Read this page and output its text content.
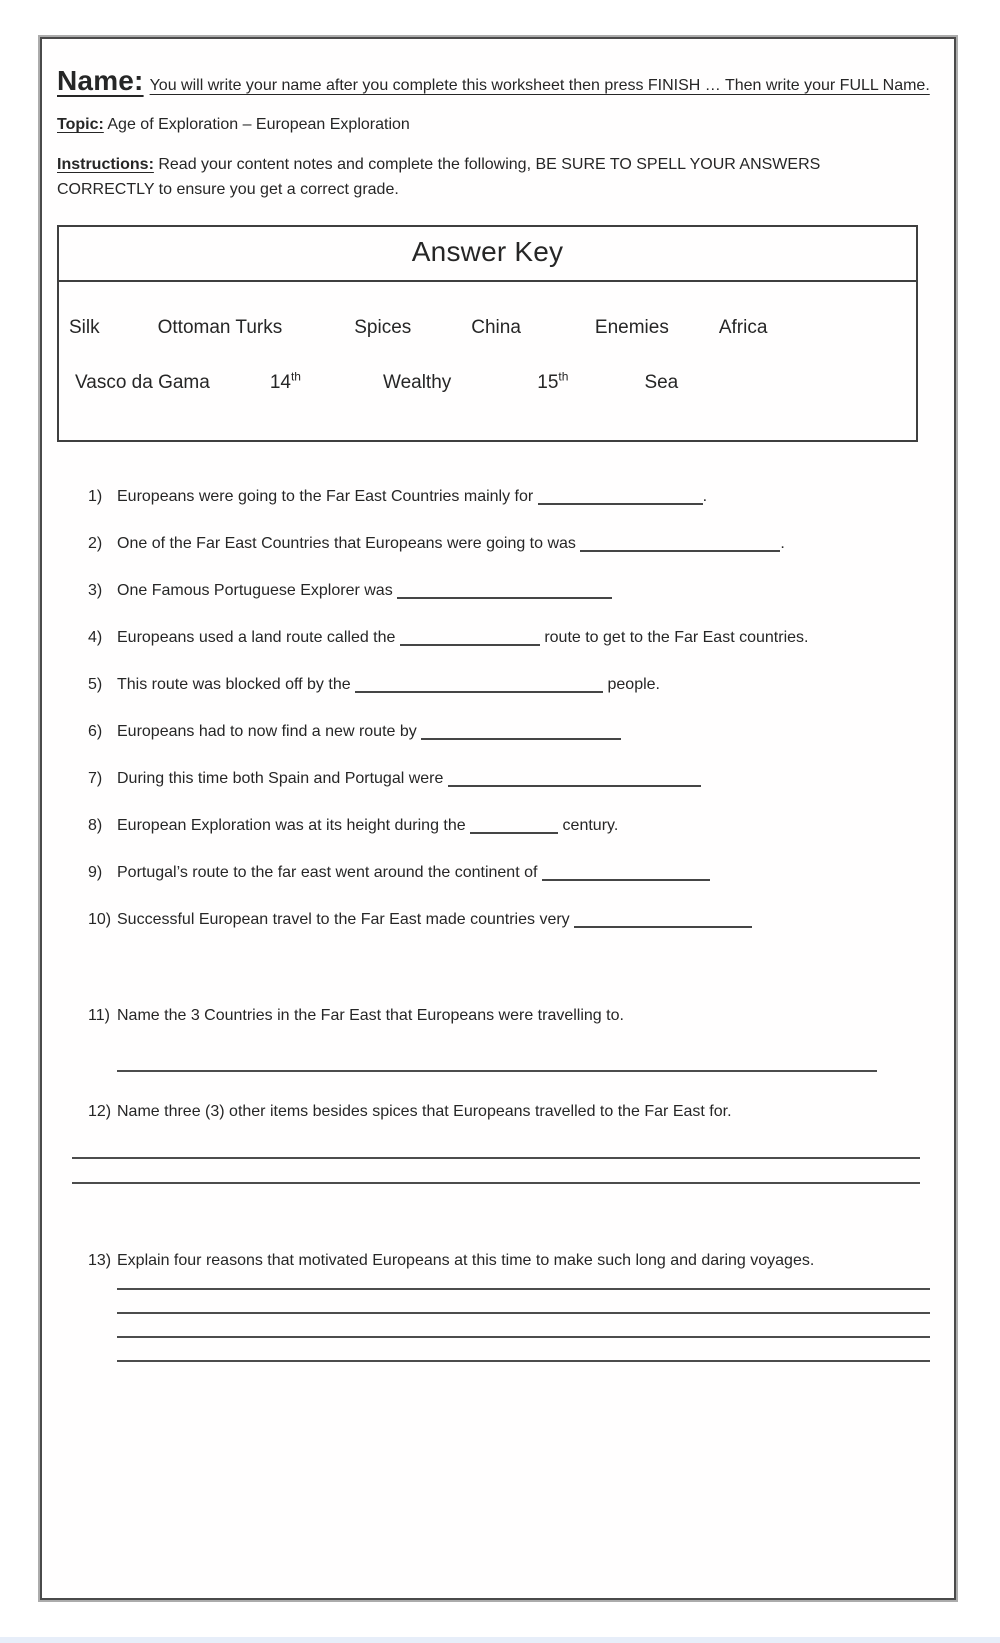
Name: You will write your name after you complete this worksheet then press FINISH … Then write your FULL Name.
Topic: Age of Exploration – European Exploration
Instructions: Read your content notes and complete the following, BE SURE TO SPELL YOUR ANSWERS CORRECTLY to ensure you get a correct grade.
Answer Key
Silk	Ottoman Turks	Spices	China	Enemies	Africa
Vasco da Gama	14th	Wealthy	15th	Sea
1) Europeans were going to the Far East Countries mainly for	.
2) One of the Far East Countries that Europeans were going to was	.
3) One Famous Portuguese Explorer was
4) Europeans used a land route called the	route to get to the Far East countries.
5) This route was blocked off by the	people.
6) Europeans had to now find a new route by
7) During this time both Spain and Portugal were
8) European Exploration was at its height during the	century.
9) Portugal’s route to the far east went around the continent of
10) Successful European travel to the Far East made countries very
11) Name the 3 Countries in the Far East that Europeans were travelling to.
12) Name three (3) other items besides spices that Europeans travelled to the Far East for.
13) Explain four reasons that motivated Europeans at this time to make such long and daring voyages.
